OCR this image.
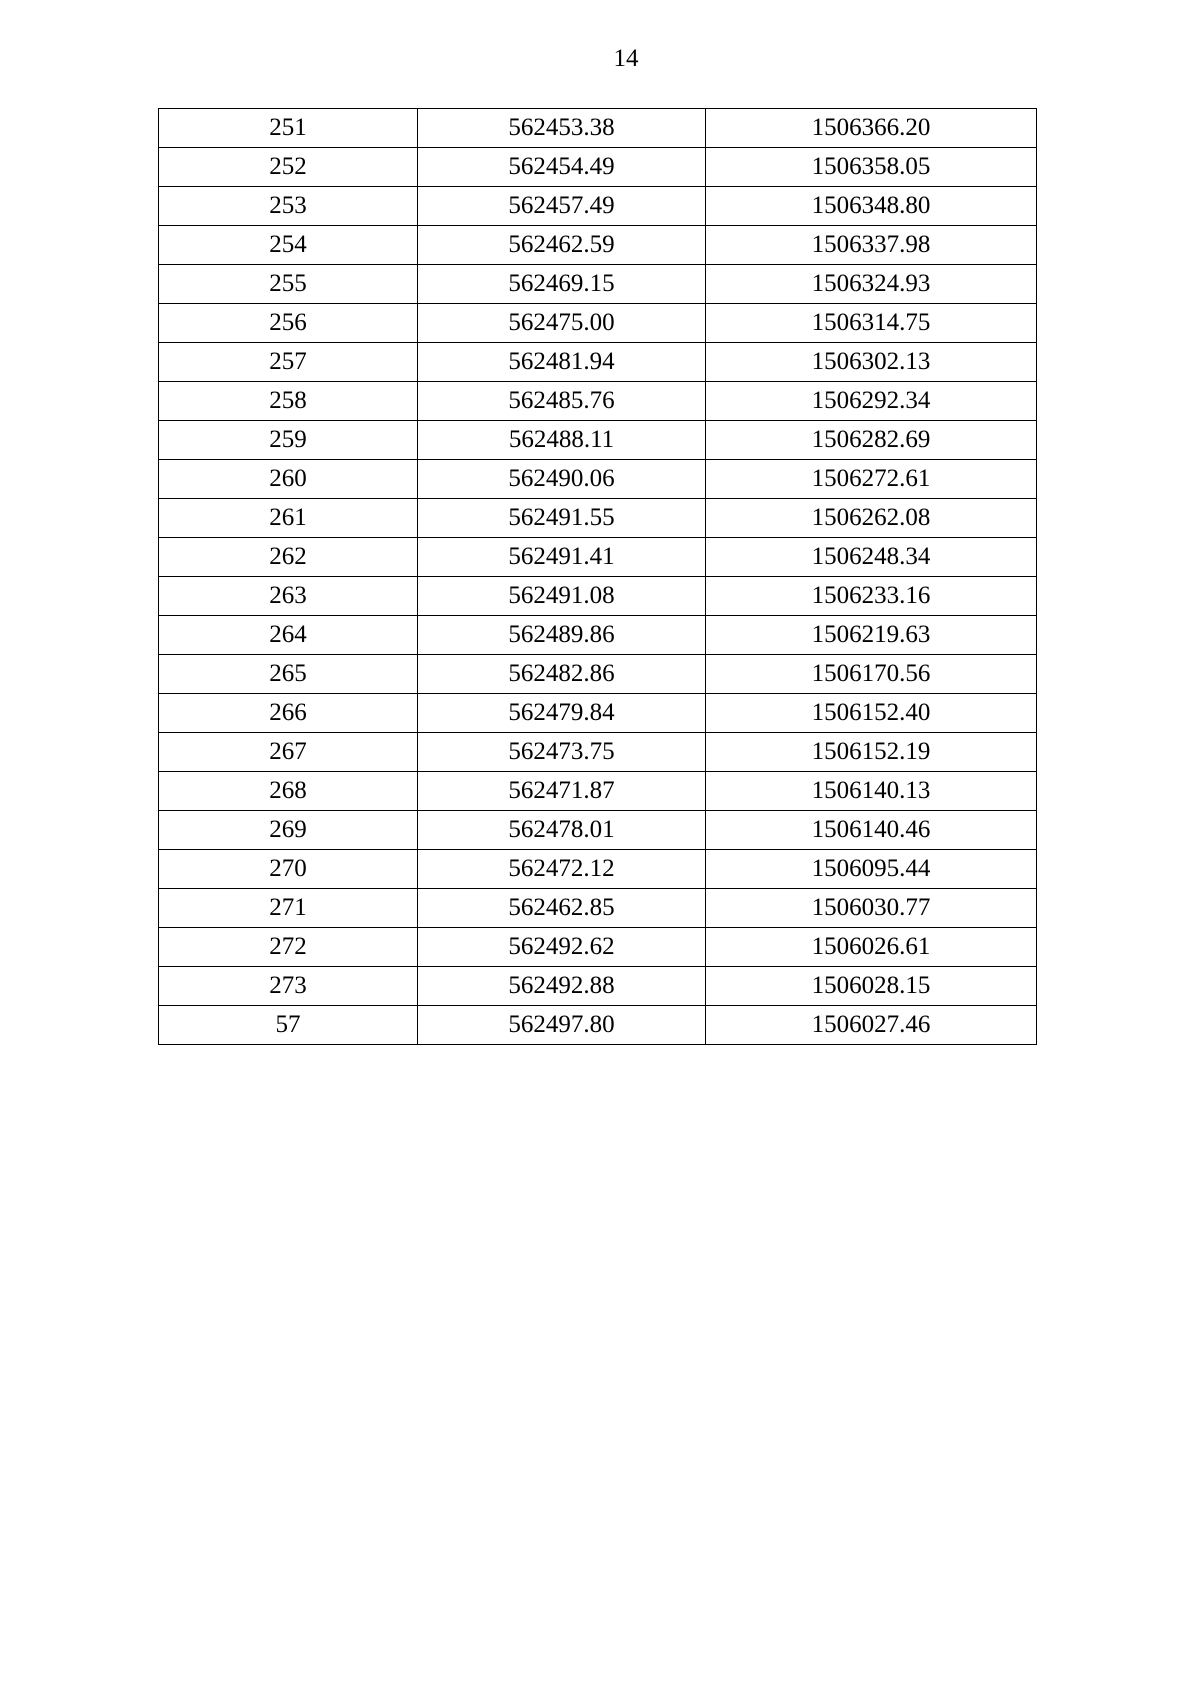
14
251	562453.38	1506366.20
252	562454.49	1506358.05
253	562457.49	1506348.80
254	562462.59	1506337.98
255	562469.15	1506324.93
256	562475.00	1506314.75
257	562481.94	1506302.13
258	562485.76	1506292.34
259	562488.11	1506282.69
260	562490.06	1506272.61
261	562491.55	1506262.08
262	562491.41	1506248.34
263	562491.08	1506233.16
264	562489.86	1506219.63
265	562482.86	1506170.56
266	562479.84	1506152.40
267	562473.75	1506152.19
268	562471.87	1506140.13
269	562478.01	1506140.46
270	562472.12	1506095.44
271	562462.85	1506030.77
272	562492.62	1506026.61
273	562492.88	1506028.15
57	562497.80	1506027.46
